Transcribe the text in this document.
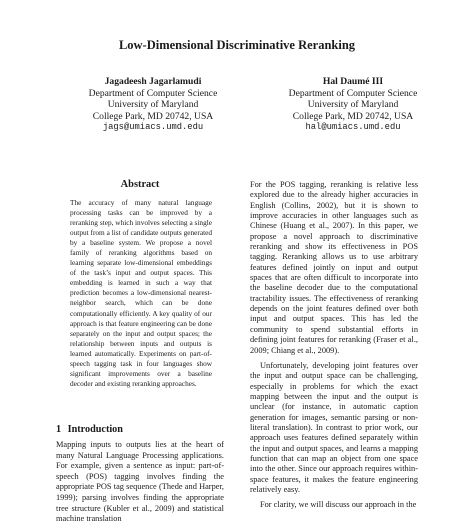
Low-Dimensional Discriminative Reranking
Jagadeesh Jagarlamudi
Department of Computer Science
University of Maryland
College Park, MD 20742, USA
jags@umiacs.umd.edu
Hal Daumé III
Department of Computer Science
University of Maryland
College Park, MD 20742, USA
hal@umiacs.umd.edu
Abstract

The accuracy of many natural language processing tasks can be improved by a reranking step, which involves selecting a single output from a list of candidate outputs generated by a baseline system. We propose a novel family of reranking algorithms based on learning separate low-dimensional embeddings of the task’s input and output spaces. This embedding is learned in such a way that prediction becomes a low-dimensional nearest-neighbor search, which can be done computationally efficiently. A key quality of our approach is that feature engineering can be done separately on the input and output spaces; the relationship between inputs and outputs is learned automatically. Experiments on part-of-speech tagging task in four languages show significant improvements over a baseline decoder and existing reranking approaches.

1 Introduction

Mapping inputs to outputs lies at the heart of many Natural Language Processing applications. For example, given a sentence as input: part-of-speech (POS) tagging involves finding the appropriate POS tag sequence (Thede and Harper, 1999); parsing involves finding the appropriate tree structure (Kubler et al., 2009) and statistical machine translation

For the POS tagging, reranking is relative less explored due to the already higher accuracies in English (Collins, 2002), but it is shown to improve accuracies in other languages such as Chinese (Huang et al., 2007). In this paper, we propose a novel approach to discriminative reranking and show its effectiveness in POS tagging. Reranking allows us to use arbitrary features defined jointly on input and output spaces that are often difficult to incorporate into the baseline decoder due to the computational tractability issues. The effectiveness of reranking depends on the joint features defined over both input and output spaces. This has led the community to spend substantial efforts in defining joint features for reranking (Fraser et al., 2009; Chiang et al., 2009).

Unfortunately, developing joint features over the input and output space can be challenging, especially in problems for which the exact mapping between the input and the output is unclear (for instance, in automatic caption generation for images, semantic parsing or non-literal translation). In contrast to prior work, our approach uses features defined separately within the input and output spaces, and learns a mapping function that can map an object from one space into the other. Since our approach requires within-space features, it makes the feature engineering relatively easy.

For clarity, we will discuss our approach in the
